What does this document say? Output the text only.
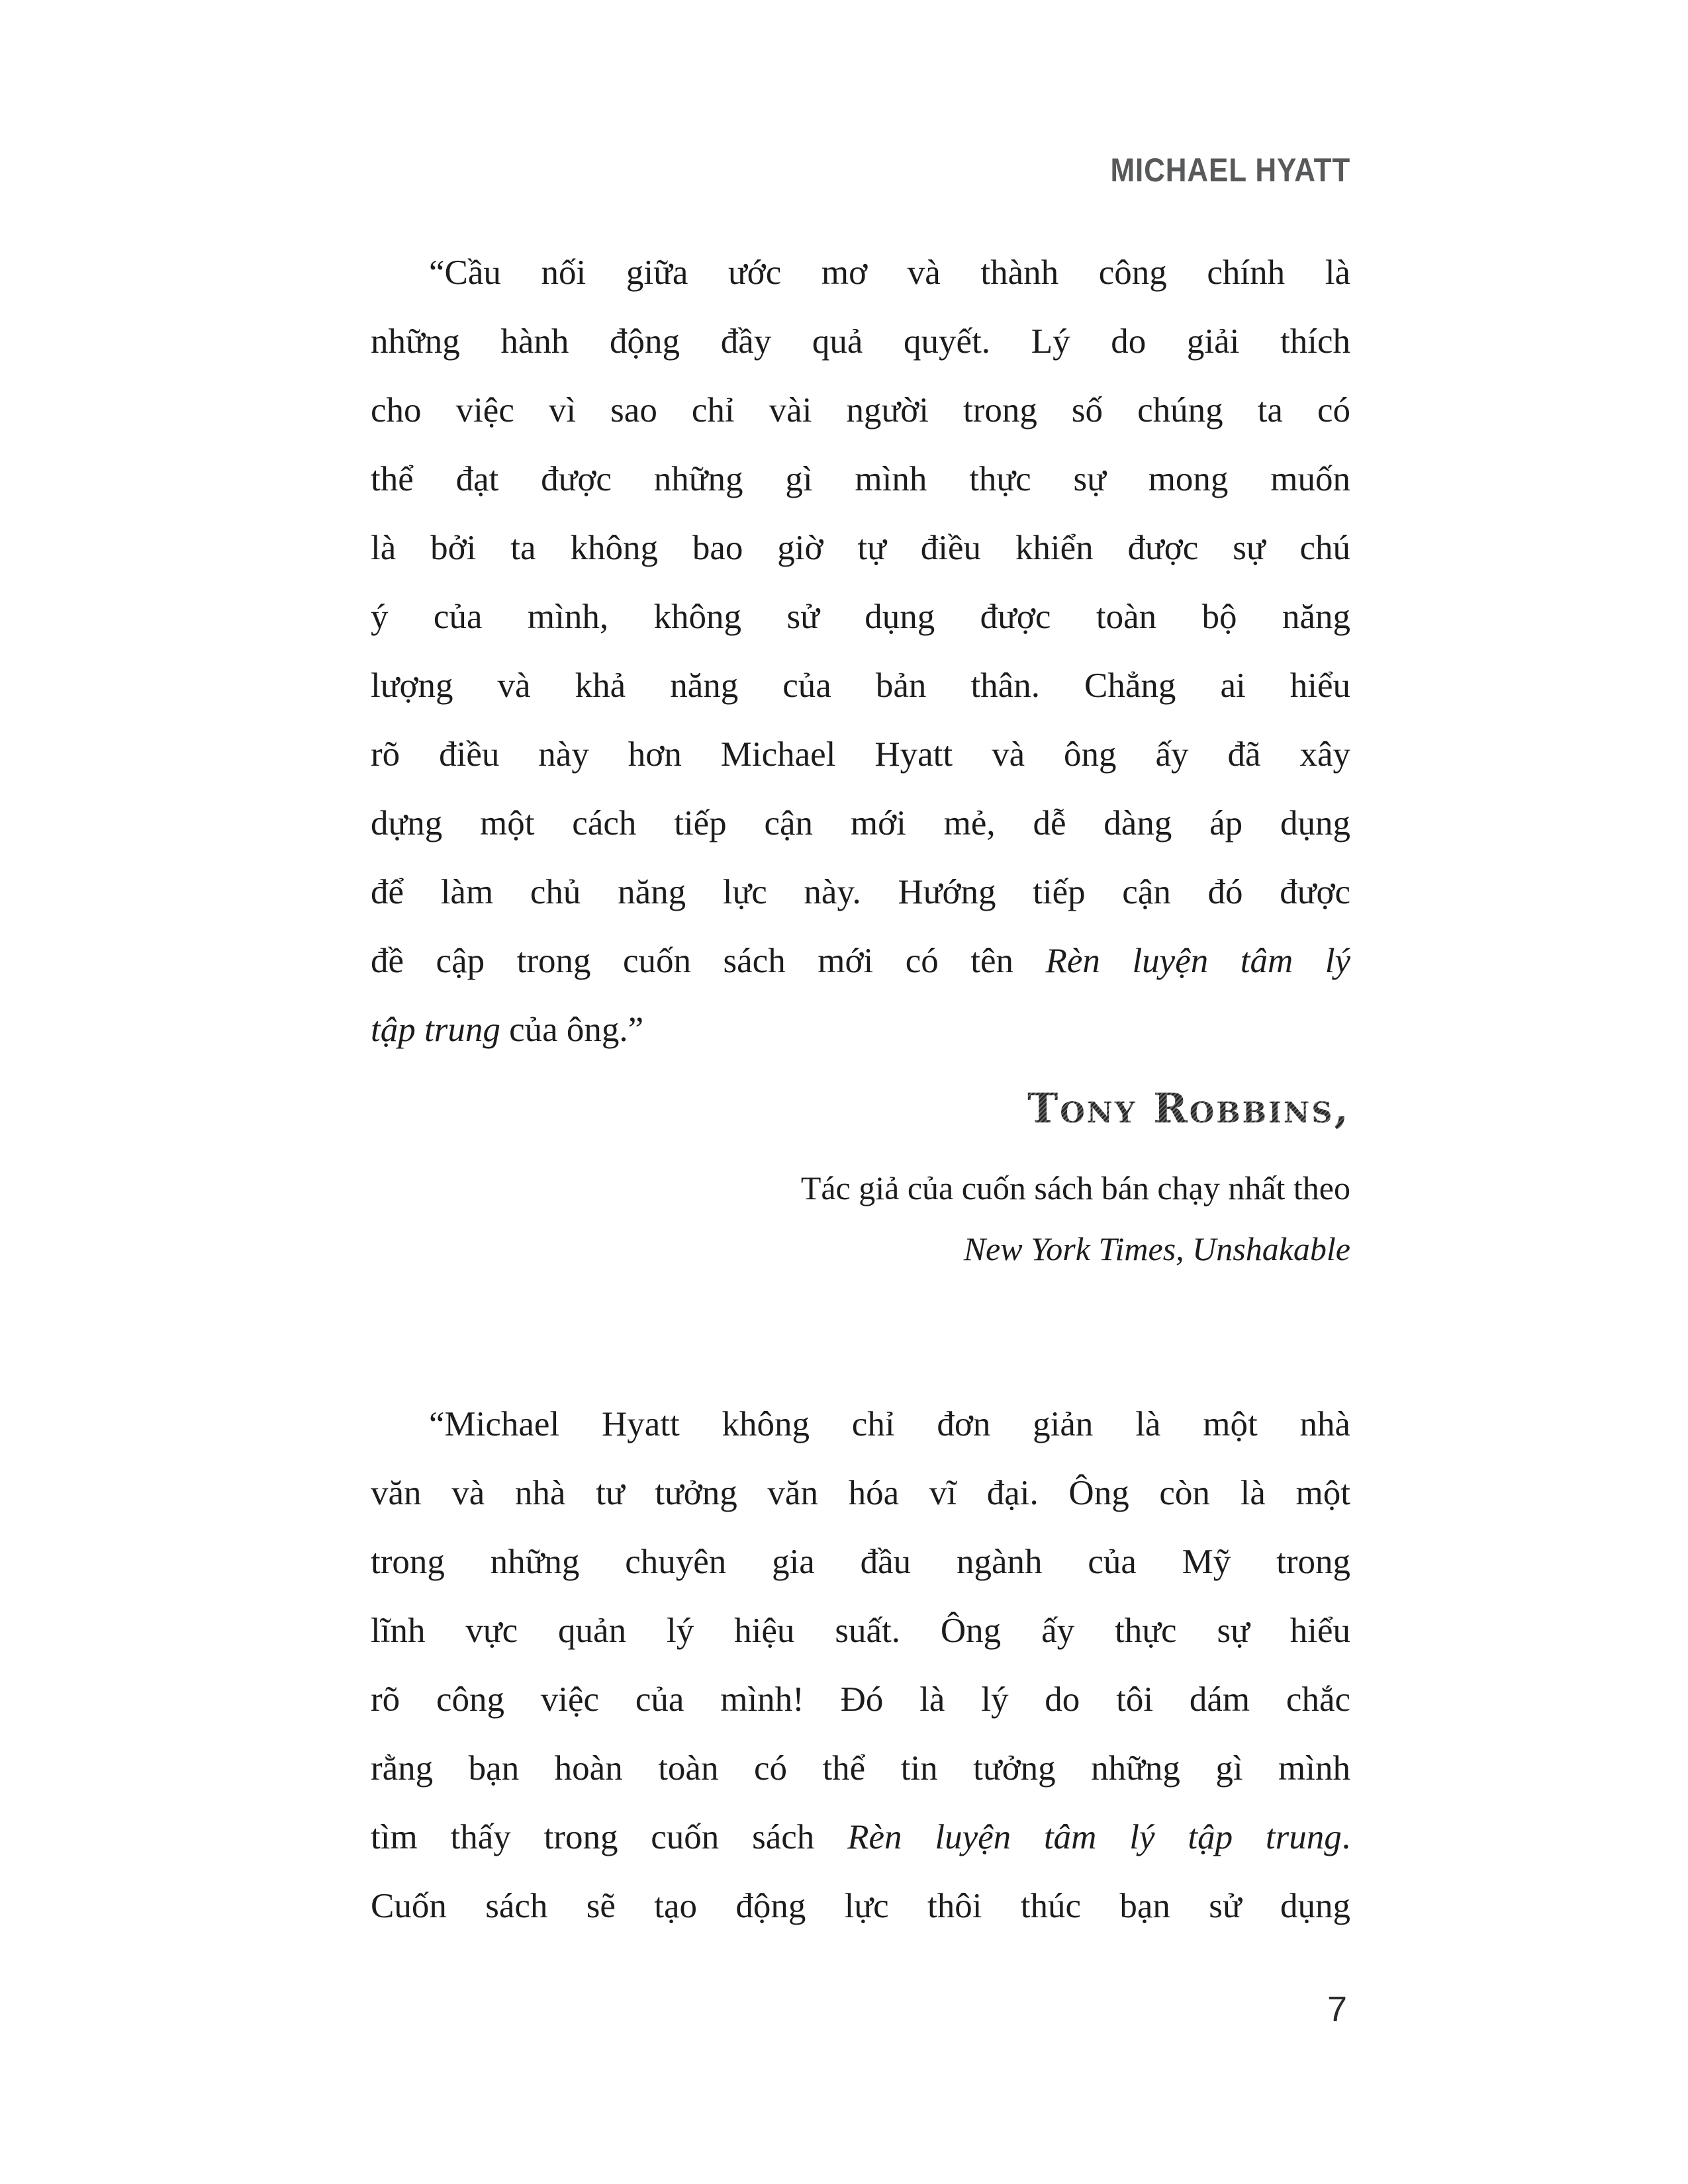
MICHAEL HYATT
“Cầu nối giữa ước mơ và thành công chính là
những hành động đầy quả quyết. Lý do giải thích
cho việc vì sao chỉ vài người trong số chúng ta có
thể đạt được những gì mình thực sự mong muốn
là bởi ta không bao giờ tự điều khiển được sự chú
ý của mình, không sử dụng được toàn bộ năng
lượng và khả năng của bản thân. Chẳng ai hiểu
rõ điều này hơn Michael Hyatt và ông ấy đã xây
dựng một cách tiếp cận mới mẻ, dễ dàng áp dụng
để làm chủ năng lực này. Hướng tiếp cận đó được
đề cập trong cuốn sách mới có tên Rèn luyện tâm lý
tập trung của ông.”
Tony Robbins,
Tác giả của cuốn sách bán chạy nhất theo
New York Times, Unshakable
“Michael Hyatt không chỉ đơn giản là một nhà
văn và nhà tư tưởng văn hóa vĩ đại. Ông còn là một
trong những chuyên gia đầu ngành của Mỹ trong
lĩnh vực quản lý hiệu suất. Ông ấy thực sự hiểu
rõ công việc của mình! Đó là lý do tôi dám chắc
rằng bạn hoàn toàn có thể tin tưởng những gì mình
tìm thấy trong cuốn sách Rèn luyện tâm lý tập trung.
Cuốn sách sẽ tạo động lực thôi thúc bạn sử dụng
7
